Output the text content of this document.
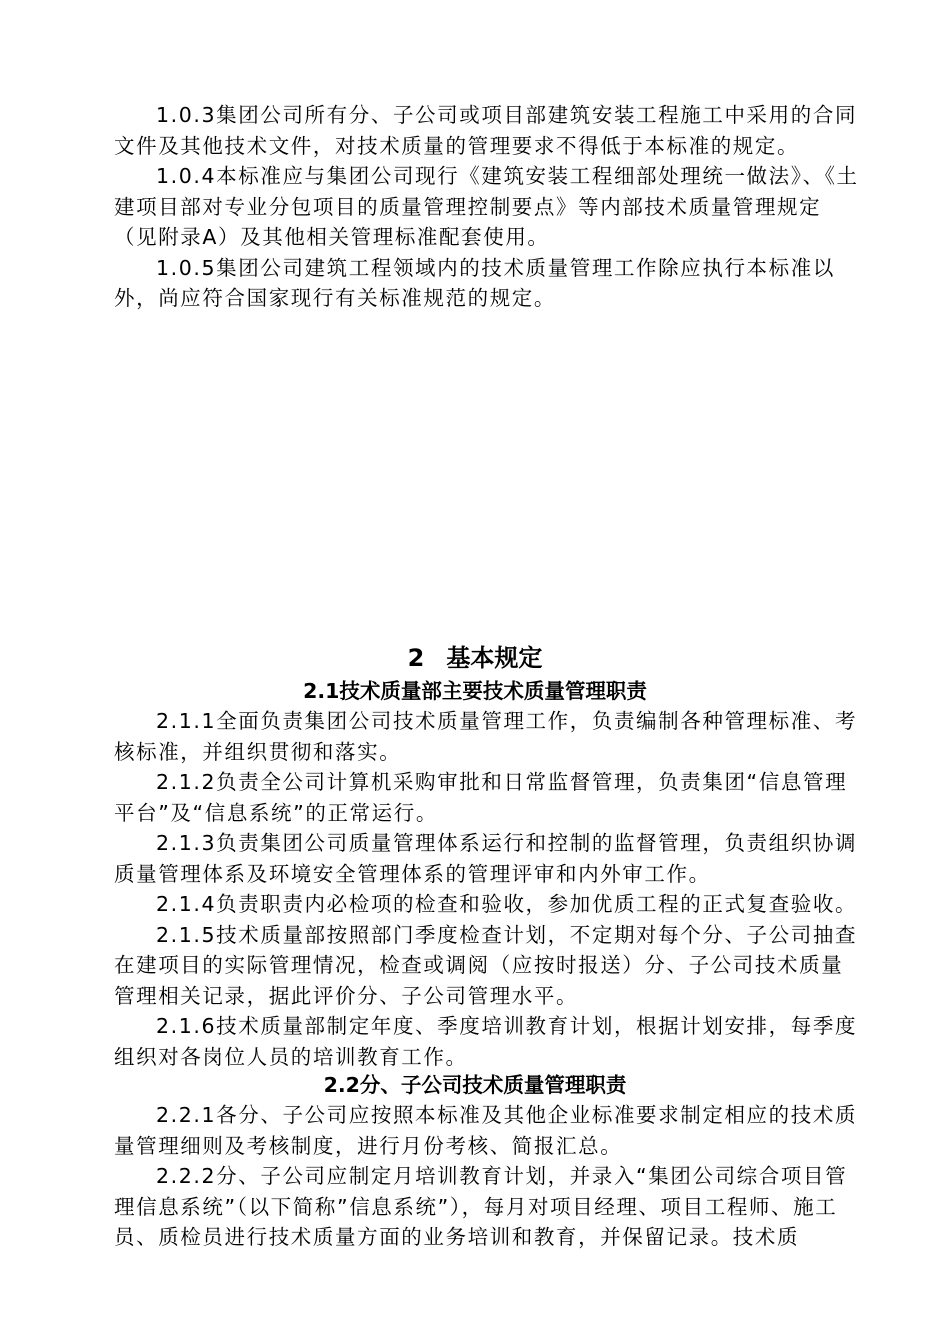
1.0.3集团公司所有分、子公司或项目部建筑安装工程施工中采用的合同文件及其他技术文件，对技术质量的管理要求不得低于本标准的规定。

1.0.4本标准应与集团公司现行《建筑安装工程细部处理统一做法》、《土建项目部对专业分包项目的质量管理控制要点》等内部技术质量管理规定（见附录A）及其他相关管理标准配套使用。

1.0.5集团公司建筑工程领域内的技术质量管理工作除应执行本标准以外，尚应符合国家现行有关标准规范的规定。

2 基本规定
2.1技术质量部主要技术质量管理职责

2.1.1全面负责集团公司技术质量管理工作，负责编制各种管理标准、考核标准，并组织贯彻和落实。

2.1.2负责全公司计算机采购审批和日常监督管理，负责集团“信息管理平台”及“信息系统”的正常运行。

2.1.3负责集团公司质量管理体系运行和控制的监督管理，负责组织协调质量管理体系及环境安全管理体系的管理评审和内外审工作。

2.1.4负责职责内必检项的检查和验收，参加优质工程的正式复查验收。

2.1.5技术质量部按照部门季度检查计划，不定期对每个分、子公司抽查在建项目的实际管理情况，检查或调阅（应按时报送）分、子公司技术质量管理相关记录，据此评价分、子公司管理水平。

2.1.6技术质量部制定年度、季度培训教育计划，根据计划安排，每季度组织对各岗位人员的培训教育工作。

2.2分、子公司技术质量管理职责

2.2.1各分、子公司应按照本标准及其他企业标准要求制定相应的技术质量管理细则及考核制度，进行月份考核、简报汇总。

2.2.2分、子公司应制定月培训教育计划，并录入“集团公司综合项目管理信息系统”（以下简称”信息系统”），每月对项目经理、项目工程师、施工员、质检员进行技术质量方面的业务培训和教育，并保留记录。技术质
